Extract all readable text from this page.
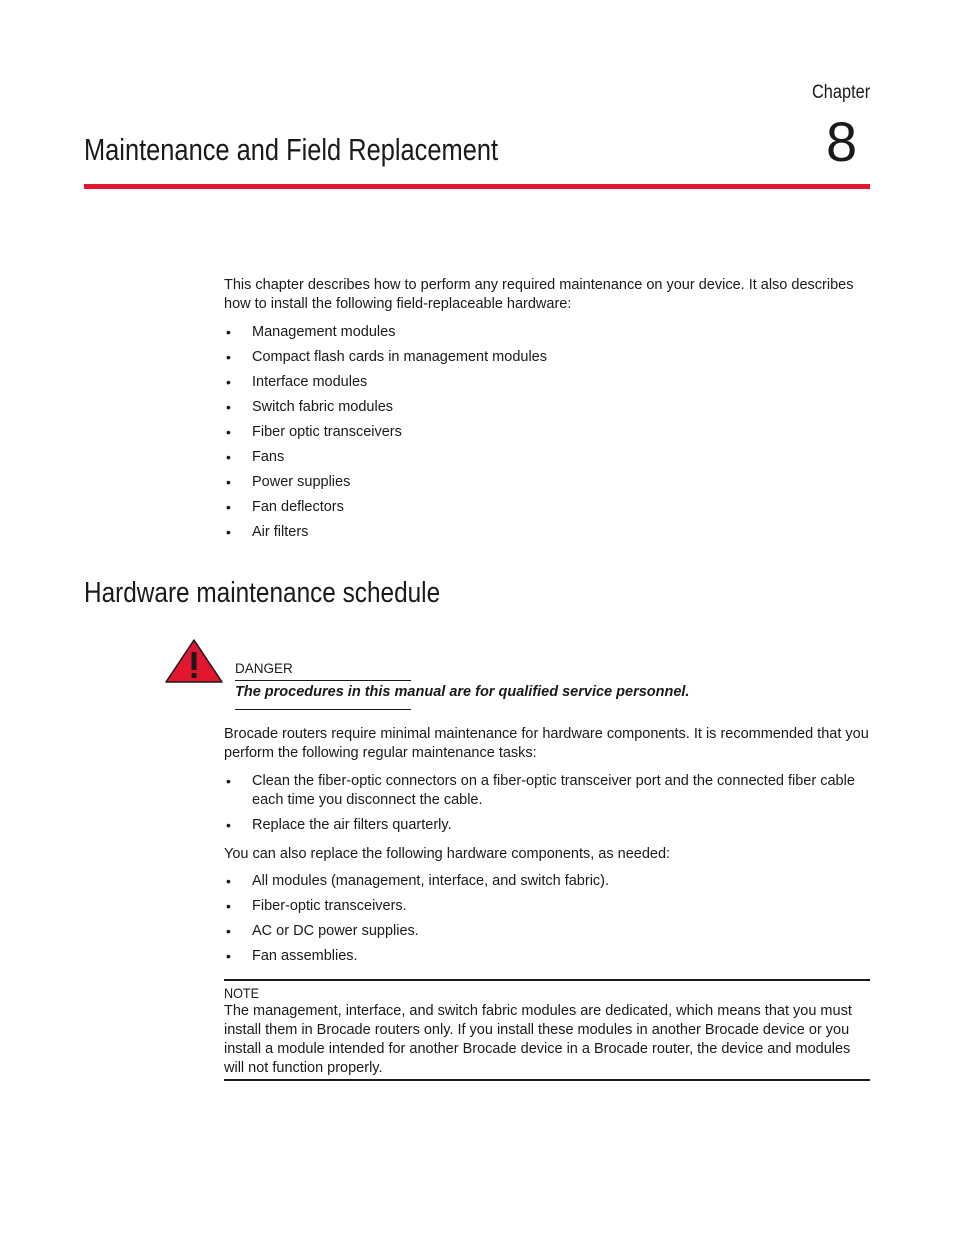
Chapter
8
Maintenance and Field Replacement
This chapter describes how to perform any required maintenance on your device. It also describes how to install the following field-replaceable hardware:
• Management modules
• Compact flash cards in management modules
• Interface modules
• Switch fabric modules
• Fiber optic transceivers
• Fans
• Power supplies
• Fan deflectors
• Air filters
Hardware maintenance schedule
DANGER
The procedures in this manual are for qualified service personnel.
Brocade routers require minimal maintenance for hardware components. It is recommended that you perform the following regular maintenance tasks:
• Clean the fiber-optic connectors on a fiber-optic transceiver port and the connected fiber cable each time you disconnect the cable.
• Replace the air filters quarterly.
You can also replace the following hardware components, as needed:
• All modules (management, interface, and switch fabric).
• Fiber-optic transceivers.
• AC or DC power supplies.
• Fan assemblies.
NOTE
The management, interface, and switch fabric modules are dedicated, which means that you must install them in Brocade routers only. If you install these modules in another Brocade device or you install a module intended for another Brocade device in a Brocade router, the device and modules will not function properly.
